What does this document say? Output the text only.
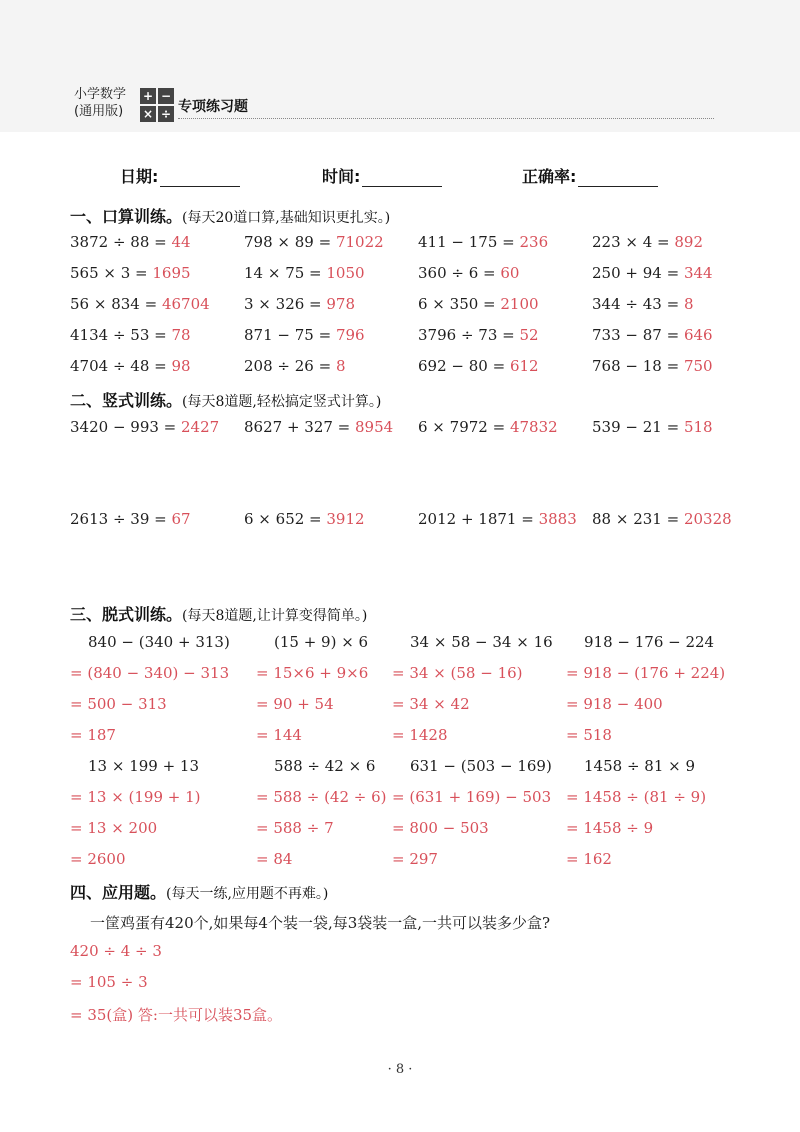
小学数学
(通用版)
+ −
× ÷ 专项练习题
日期:	时间:	正确率:
一、口算训练。(每天20道口算,基础知识更扎实。)
3872 ÷ 88 = 44	798 × 89 = 71022 411 − 175 = 236	223 × 4 = 892
565 × 3 = 1695	14 × 75 = 1050	360 ÷ 6 = 60	250 + 94 = 344
56 × 834 = 46704 3 × 326 = 978	6 × 350 = 2100	344 ÷ 43 = 8
4134 ÷ 53 = 78	871 − 75 = 796	3796 ÷ 73 = 52	733 − 87 = 646
4704 ÷ 48 = 98	208 ÷ 26 = 8	692 − 80 = 612	768 − 18 = 750
二、竖式训练。(每天8道题,轻松搞定竖式计算。)
3420 − 993 = 2427 8627 + 327 = 8954 6 × 7972 = 47832 539 − 21 = 518
2613 ÷ 39 = 67	6 × 652 = 3912	2012 + 1871 = 3883 88 × 231 = 20328
三、脱式训练。(每天8道题,让计算变得简单。)
840 − (340 + 313)
= (840 − 340) − 313
= 500 − 313
= 187
(15 + 9) × 6
= 15×6 + 9×6
= 90 + 54
= 144
34 × 58 − 34 × 16
= 34 × (58 − 16)
= 34 × 42
= 1428
918 − 176 − 224
= 918 − (176 + 224)
= 918 − 400
= 518
13 × 199 + 13
= 13 × (199 + 1)
= 13 × 200
= 2600
588 ÷ 42 × 6
= 588 ÷ (42 ÷ 6)
= 588 ÷ 7
= 84
631 − (503 − 169)
= (631 + 169) − 503
= 800 − 503
= 297
1458 ÷ 81 × 9
= 1458 ÷ (81 ÷ 9)
= 1458 ÷ 9
= 162
四、应用题。(每天一练,应用题不再难。)
一筐鸡蛋有420个,如果每4个装一袋,每3袋装一盒,一共可以装多少盒?
420 ÷ 4 ÷ 3
= 105 ÷ 3
= 35(盒) 答:一共可以装35盒。
· 8 ·
